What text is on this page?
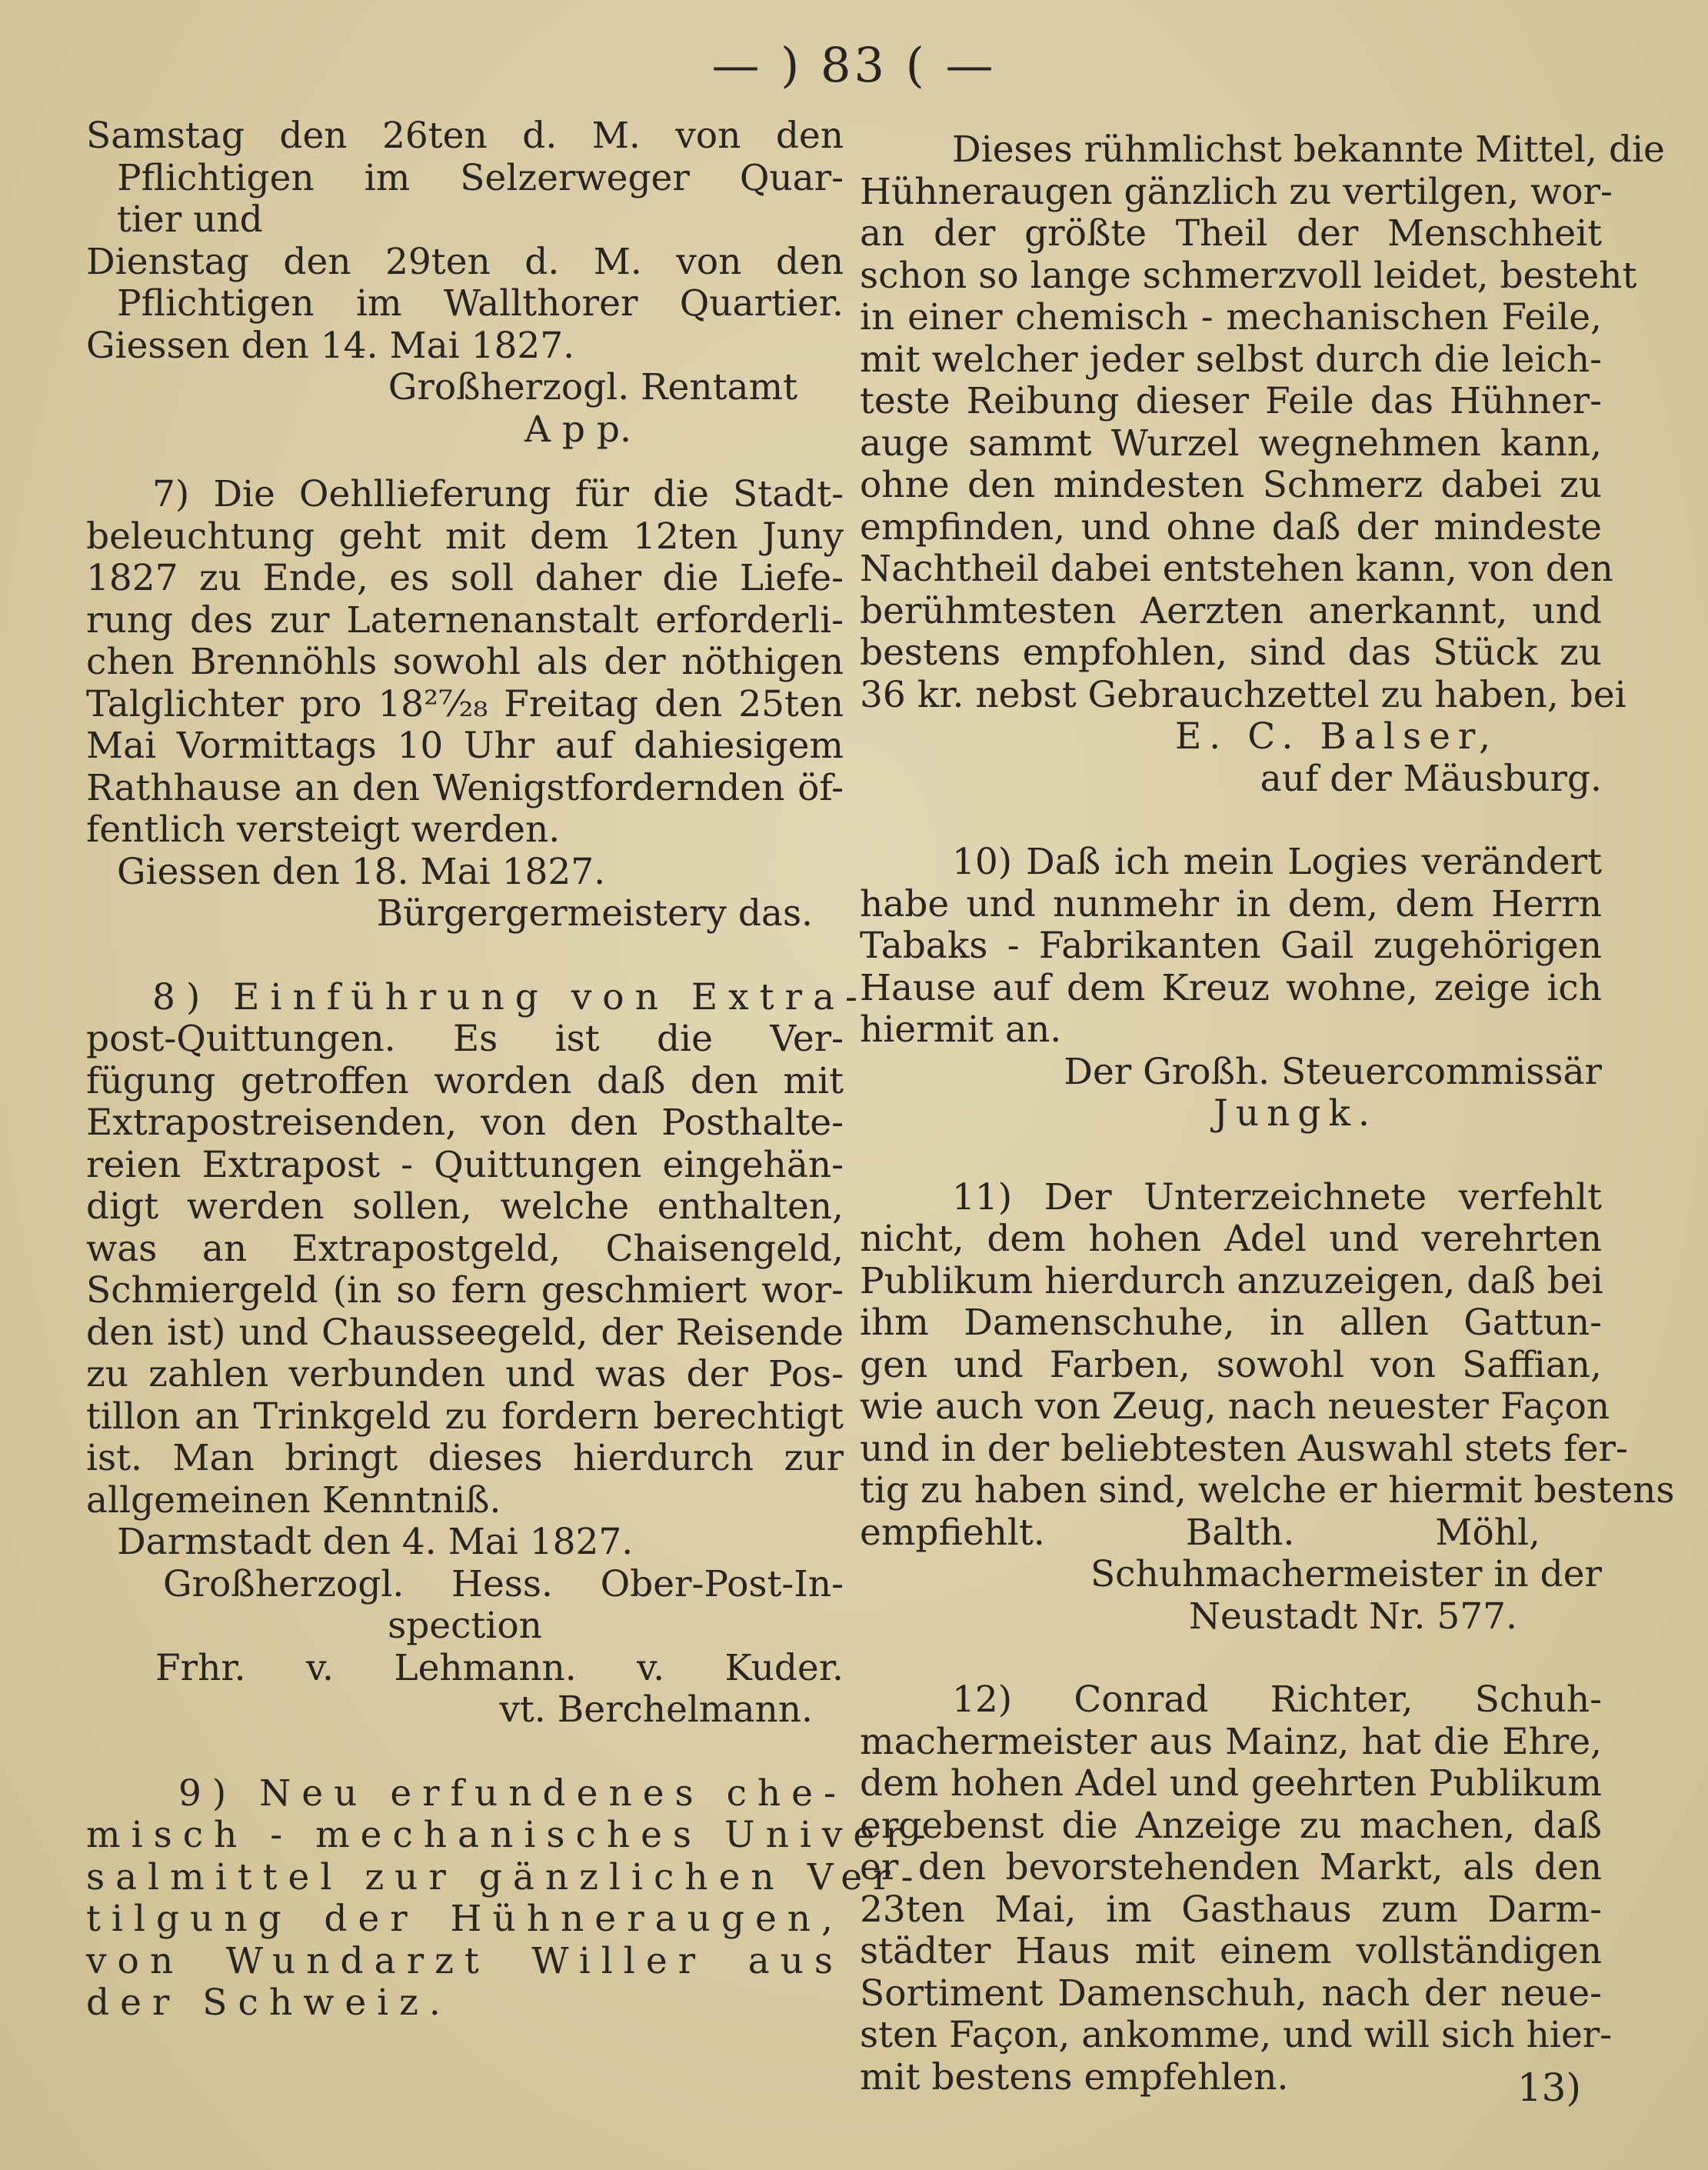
— ) 83 ( —
Samstag den 26ten d. M. von den
Pflichtigen im Selzerweger Quar-
tier und
Dienstag den 29ten d. M. von den
Pflichtigen im Wallthorer Quartier.
Giessen den 14. Mai 1827.
Großherzogl. Rentamt
A p p.
7) Die Oehllieferung für die Stadt-
beleuchtung geht mit dem 12ten Juny
1827 zu Ende, es soll daher die Liefe-
rung des zur Laternenanstalt erforderli-
chen Brennöhls sowohl als der nöthigen
Talglichter pro 18²⁷⁄₂₈ Freitag den 25ten
Mai Vormittags 10 Uhr auf dahiesigem
Rathhause an den Wenigstfordernden öf-
fentlich versteigt werden.
Giessen den 18. Mai 1827.
Bürgergermeistery das.
8) Einführung von Extra-
post-Quittungen. Es ist die Ver-
fügung getroffen worden daß den mit
Extrapostreisenden, von den Posthalte-
reien Extrapost - Quittungen eingehän-
digt werden sollen, welche enthalten,
was an Extrapostgeld, Chaisengeld,
Schmiergeld (in so fern geschmiert wor-
den ist) und Chausseegeld, der Reisende
zu zahlen verbunden und was der Pos-
tillon an Trinkgeld zu fordern berechtigt
ist. Man bringt dieses hierdurch zur
allgemeinen Kenntniß.
Darmstadt den 4. Mai 1827.
Großherzogl. Hess. Ober-Post-In-
spection
Frhr. v. Lehmann. v. Kuder.
vt. Berchelmann.
9) Neu erfundenes che-
misch - mechanisches Univer-
salmittel zur gänzlichen Ver-
tilgung der Hühneraugen,
von Wundarzt Willer aus
der Schweiz.
Dieses rühmlichst bekannte Mittel, die
Hühneraugen gänzlich zu vertilgen, wor-
an der größte Theil der Menschheit
schon so lange schmerzvoll leidet, besteht
in einer chemisch - mechanischen Feile,
mit welcher jeder selbst durch die leich-
teste Reibung dieser Feile das Hühner-
auge sammt Wurzel wegnehmen kann,
ohne den mindesten Schmerz dabei zu
empfinden, und ohne daß der mindeste
Nachtheil dabei entstehen kann, von den
berühmtesten Aerzten anerkannt, und
bestens empfohlen, sind das Stück zu
36 kr. nebst Gebrauchzettel zu haben, bei
E. C. Balser,
auf der Mäusburg.
10) Daß ich mein Logies verändert
habe und nunmehr in dem, dem Herrn
Tabaks - Fabrikanten Gail zugehörigen
Hause auf dem Kreuz wohne, zeige ich
hiermit an.
Der Großh. Steuercommissär
Jungk.
11) Der Unterzeichnete verfehlt
nicht, dem hohen Adel und verehrten
Publikum hierdurch anzuzeigen, daß bei
ihm Damenschuhe, in allen Gattun-
gen und Farben, sowohl von Saffian,
wie auch von Zeug, nach neuester Façon
und in der beliebtesten Auswahl stets fer-
tig zu haben sind, welche er hiermit bestens
empfiehlt. Balth. Möhl,
Schuhmachermeister in der
Neustadt Nr. 577.
12) Conrad Richter, Schuh-
machermeister aus Mainz, hat die Ehre,
dem hohen Adel und geehrten Publikum
ergebenst die Anzeige zu machen, daß
er den bevorstehenden Markt, als den
23ten Mai, im Gasthaus zum Darm-
städter Haus mit einem vollständigen
Sortiment Damenschuh, nach der neue-
sten Façon, ankomme, und will sich hier-
mit bestens empfehlen.	13)
